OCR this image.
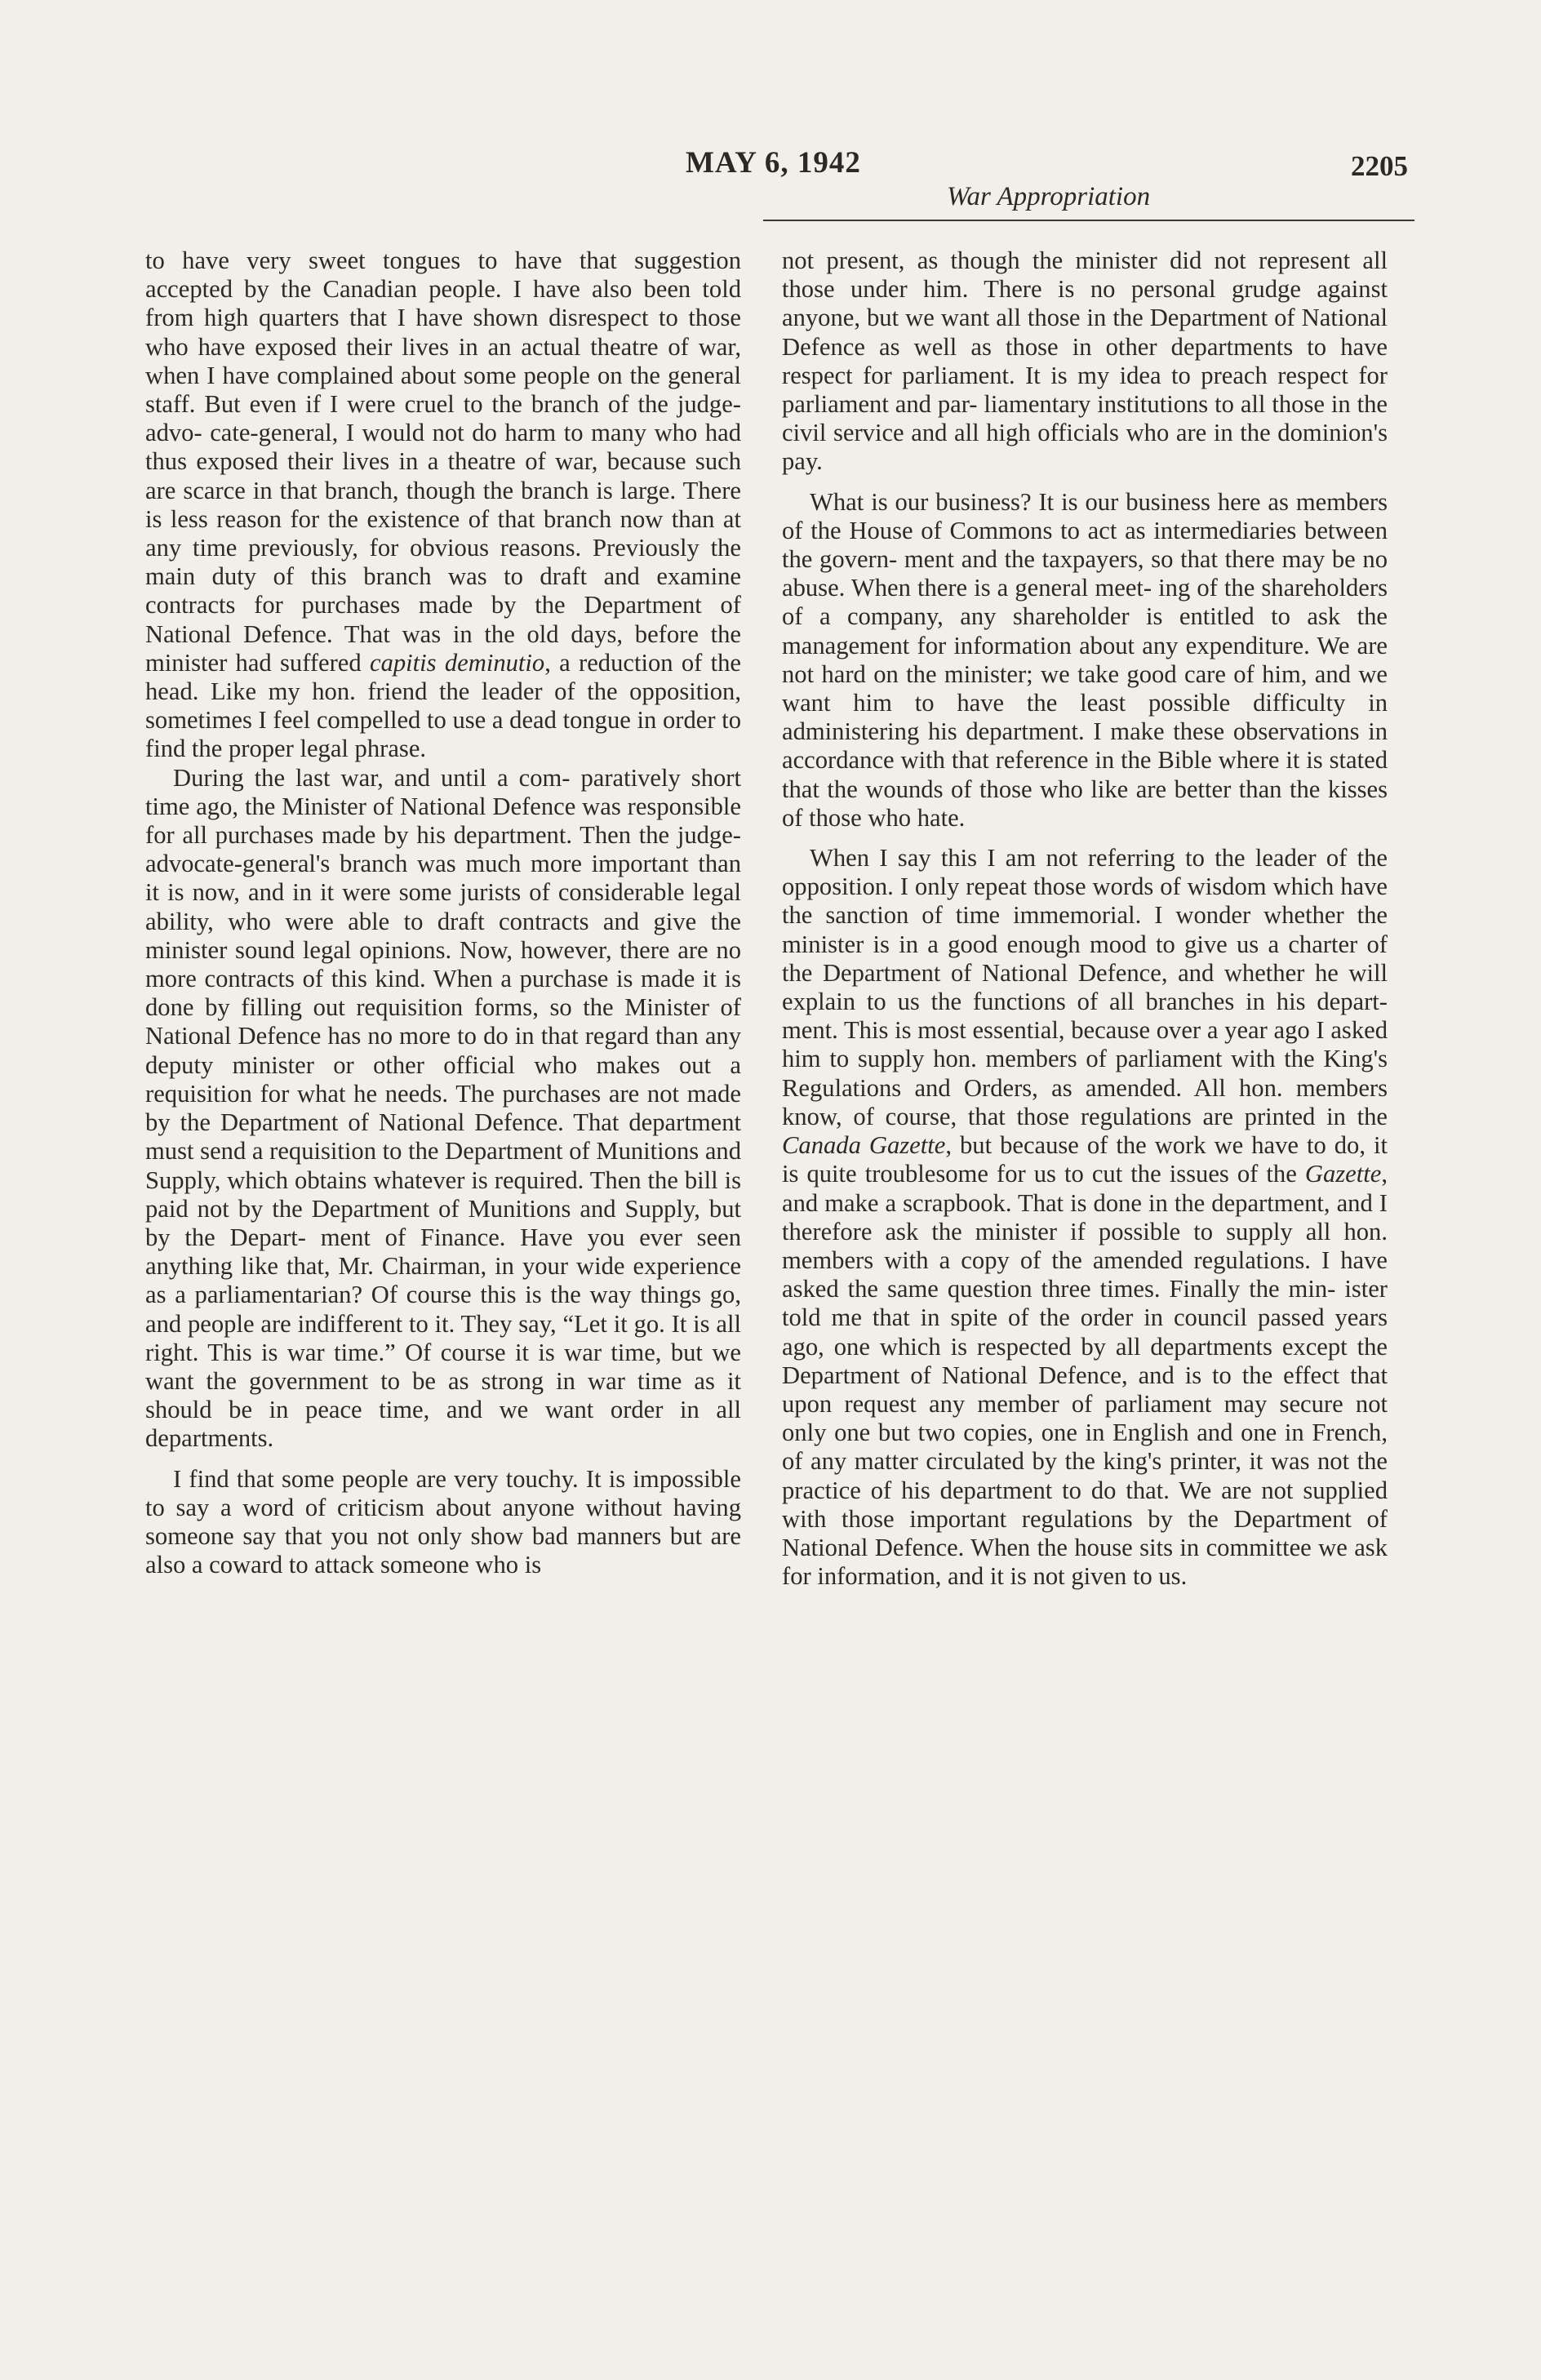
MAY 6, 1942	2205
War Appropriation

to have very sweet tongues to have that suggestion accepted by the Canadian people. I have also been told from high quarters that I have shown disrespect to those who have exposed their lives in an actual theatre of war, when I have complained about some people on the general staff. But even if I were cruel to the branch of the judge-advo- cate-general, I would not do harm to many who had thus exposed their lives in a theatre of war, because such are scarce in that branch, though the branch is large. There is less reason for the existence of that branch now than at any time previously, for obvious reasons. Previously the main duty of this branch was to draft and examine contracts for purchases made by the Department of National Defence. That was in the old days, before the minister had suffered capitis deminutio, a reduction of the head. Like my hon. friend the leader of the opposition, sometimes I feel compelled to use a dead tongue in order to find the proper legal phrase.

During the last war, and until a com- paratively short time ago, the Minister of National Defence was responsible for all purchases made by his department. Then the judge-advocate-general's branch was much more important than it is now, and in it were some jurists of considerable legal ability, who were able to draft contracts and give the minister sound legal opinions. Now, however, there are no more contracts of this kind. When a purchase is made it is done by filling out requisition forms, so the Minister of National Defence has no more to do in that regard than any deputy minister or other official who makes out a requisition for what he needs. The purchases are not made by the Department of National Defence. That department must send a requisition to the Department of Munitions and Supply, which obtains whatever is required. Then the bill is paid not by the Department of Munitions and Supply, but by the Depart- ment of Finance. Have you ever seen anything like that, Mr. Chairman, in your wide experience as a parliamentarian? Of course this is the way things go, and people are indifferent to it. They say, “Let it go. It is all right. This is war time.” Of course it is war time, but we want the government to be as strong in war time as it should be in peace time, and we want order in all departments.

I find that some people are very touchy. It is impossible to say a word of criticism about anyone without having someone say that you not only show bad manners but are also a coward to attack someone who is

not present, as though the minister did not represent all those under him. There is no personal grudge against anyone, but we want all those in the Department of National Defence as well as those in other departments to have respect for parliament. It is my idea to preach respect for parliament and par- liamentary institutions to all those in the civil service and all high officials who are in the dominion's pay.

What is our business? It is our business here as members of the House of Commons to act as intermediaries between the govern- ment and the taxpayers, so that there may be no abuse. When there is a general meet- ing of the shareholders of a company, any shareholder is entitled to ask the management for information about any expenditure. We are not hard on the minister; we take good care of him, and we want him to have the least possible difficulty in administering his department. I make these observations in accordance with that reference in the Bible where it is stated that the wounds of those who like are better than the kisses of those who hate.

When I say this I am not referring to the leader of the opposition. I only repeat those words of wisdom which have the sanction of time immemorial. I wonder whether the minister is in a good enough mood to give us a charter of the Department of National Defence, and whether he will explain to us the functions of all branches in his depart- ment. This is most essential, because over a year ago I asked him to supply hon. members of parliament with the King's Regulations and Orders, as amended. All hon. members know, of course, that those regulations are printed in the Canada Gazette, but because of the work we have to do, it is quite troublesome for us to cut the issues of the Gazette, and make a scrapbook. That is done in the department, and I therefore ask the minister if possible to supply all hon. members with a copy of the amended regulations. I have asked the same question three times. Finally the min- ister told me that in spite of the order in council passed years ago, one which is respected by all departments except the Department of National Defence, and is to the effect that upon request any member of parliament may secure not only one but two copies, one in English and one in French, of any matter circulated by the king's printer, it was not the practice of his department to do that. We are not supplied with those important regulations by the Department of National Defence. When the house sits in committee we ask for information, and it is not given to us.
